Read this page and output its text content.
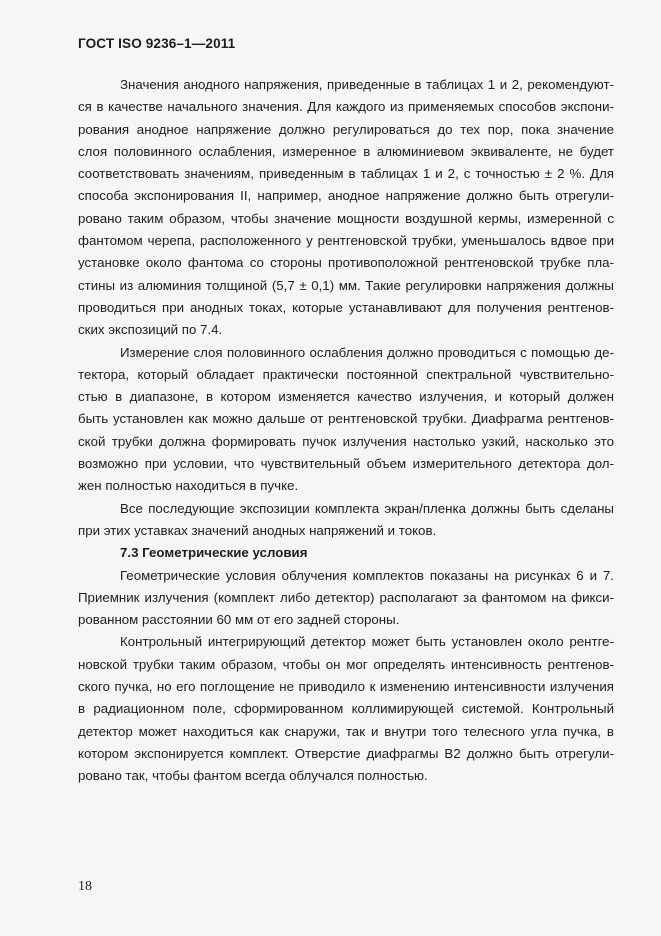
ГОСТ ISO 9236–1—2011

Значения анодного напряжения, приведенные в таблицах 1 и 2, рекомендуют-

ся в качестве начального значения. Для каждого из применяемых способов экспони-

рования анодное напряжение должно регулироваться до тех пор, пока значение

слоя половинного ослабления, измеренное в алюминиевом эквиваленте, не будет

соответствовать значениям, приведенным в таблицах 1 и 2, с точностью ± 2 %. Для

способа экспонирования II, например, анодное напряжение должно быть отрегули-

ровано таким образом, чтобы значение мощности воздушной кермы, измеренной с

фантомом черепа, расположенного у рентгеновской трубки, уменьшалось вдвое при

установке около фантома со стороны противоположной рентгеновской трубке пла-

стины из алюминия толщиной (5,7 ± 0,1) мм. Такие регулировки напряжения должны

проводиться при анодных токах, которые устанавливают для получения рентгенов-

ских экспозиций по 7.4.

Измерение слоя половинного ослабления должно проводиться с помощью де-

тектора, который обладает практически постоянной спектральной чувствительно-

стью в диапазоне, в котором изменяется качество излучения, и который должен

быть установлен как можно дальше от рентгеновской трубки. Диафрагма рентгенов-

ской трубки должна формировать пучок излучения настолько узкий, насколько это

возможно при условии, что чувствительный объем измерительного детектора дол-

жен полностью находиться в пучке.

Все последующие экспозиции комплекта экран/пленка должны быть сделаны

при этих уставках значений анодных напряжений и токов.

7.3 Геометрические условия

Геометрические условия облучения комплектов показаны на рисунках 6 и 7.

Приемник излучения (комплект либо детектор) располагают за фантомом на фикси-

рованном расстоянии 60 мм от его задней стороны.

Контрольный интегрирующий детектор может быть установлен около рентге-

новской трубки таким образом, чтобы он мог определять интенсивность рентгенов-

ского пучка, но его поглощение не приводило к изменению интенсивности излучения

в радиационном поле, сформированном коллимирующей системой. Контрольный

детектор может находиться как снаружи, так и внутри того телесного угла пучка, в

котором экспонируется комплект. Отверстие диафрагмы В2 должно быть отрегули-

ровано так, чтобы фантом всегда облучался полностью.

18
